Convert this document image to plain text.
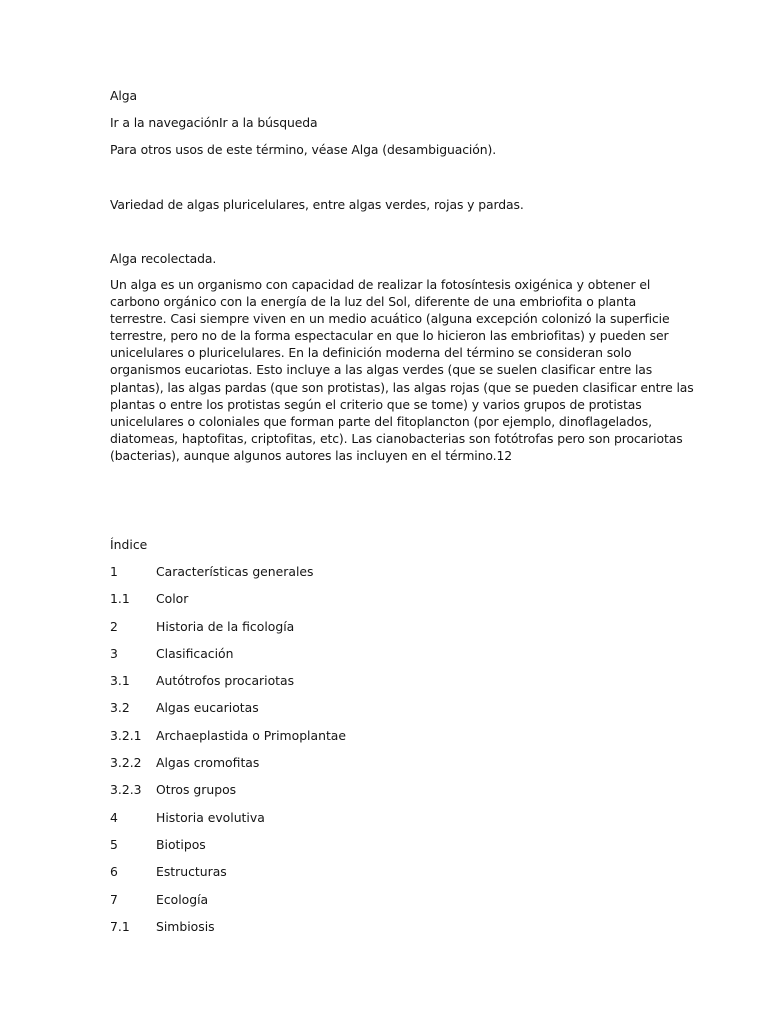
Alga
Ir a la navegaciónIr a la búsqueda
Para otros usos de este término, véase Alga (desambiguación).
Variedad de algas pluricelulares, entre algas verdes, rojas y pardas.
Alga recolectada.
Un alga es un organismo con capacidad de realizar la fotosíntesis oxigénica y obtener el
carbono orgánico con la energía de la luz del Sol, diferente de una embriofita o planta
terrestre. Casi siempre viven en un medio acuático (alguna excepción colonizó la superficie
terrestre, pero no de la forma espectacular en que lo hicieron las embriofitas) y pueden ser
unicelulares o pluricelulares. En la definición moderna del término se consideran solo
organismos eucariotas. Esto incluye a las algas verdes (que se suelen clasificar entre las
plantas), las algas pardas (que son protistas), las algas rojas (que se pueden clasificar entre las
plantas o entre los protistas según el criterio que se tome) y varios grupos de protistas
unicelulares o coloniales que forman parte del fitoplancton (por ejemplo, dinoflagelados,
diatomeas, haptofitas, criptofitas, etc). Las cianobacterias son fotótrofas pero son procariotas
(bacterias), aunque algunos autores las incluyen en el término.12
Índice
1	Características generales
1.1 Color
2	Historia de la ficología
3	Clasificación
3.1 Autótrofos procariotas
3.2 Algas eucariotas
3.2.1 Archaeplastida o Primoplantae
3.2.2 Algas cromofitas
3.2.3 Otros grupos
4	Historia evolutiva
5	Biotipos
6	Estructuras
7	Ecología
7.1 Simbiosis
